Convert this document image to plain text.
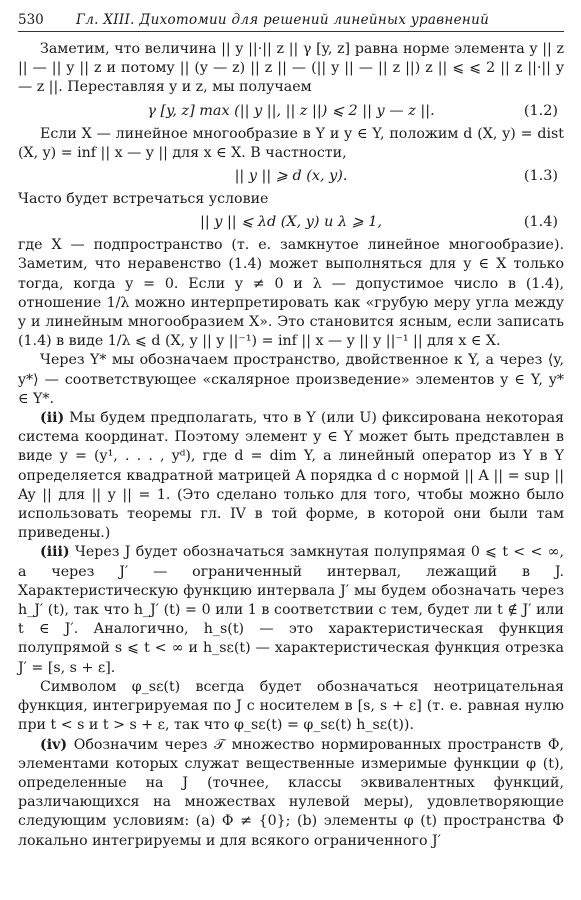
530 Гл. XIII. Дихотомии для решений линейных уравнений

Заметим, что величина || y ||·|| z || γ [y, z] равна норме элемента y || z || — || y || z и потому || (y — z) || z || — (|| y || — || z ||) z || ⩽ ⩽ 2 || z ||·|| y — z ||. Переставляя y и z, мы получаем

γ [y, z] max (|| y ||, || z ||) ⩽ 2 || y — z ||.	(1.2)

Если X — линейное многообразие в Y и y ∈ Y, положим d (X, y) = dist (X, y) = inf || x — y || для x ∈ X. В частности,

|| y || ⩾ d (x, y).	(1.3)

Часто будет встречаться условие

|| y || ⩽ λd (X, y) и λ ⩾ 1,	(1.4)

где X — подпространство (т. е. замкнутое линейное многообразие). Заметим, что неравенство (1.4) может выполняться для y ∈ X только тогда, когда y = 0. Если y ≠ 0 и λ — допустимое число в (1.4), отношение 1/λ можно интерпретировать как «грубую меру угла между y и линейным многообразием X». Это становится ясным, если записать (1.4) в виде 1/λ ⩽ d (X, y || y ||⁻¹) = inf || x — y || y ||⁻¹ || для x ∈ X.

Через Y* мы обозначаем пространство, двойственное к Y, а через ⟨y, y*⟩ — соответствующее «скалярное произведение» элементов y ∈ Y, y* ∈ Y*.

(ii) Мы будем предполагать, что в Y (или U) фиксирована некоторая система координат. Поэтому элемент y ∈ Y может быть представлен в виде y = (y¹, . . . , yᵈ), где d = dim Y, а линейный оператор из Y в Y определяется квадратной матрицей A порядка d с нормой || A || = sup || Ay || для || y || = 1. (Это сделано только для того, чтобы можно было использовать теоремы гл. IV в той форме, в которой они были там приведены.)

(iii) Через J будет обозначаться замкнутая полупрямая 0 ⩽ t < < ∞, а через J′ — ограниченный интервал, лежащий в J. Характеристическую функцию интервала J′ мы будем обозначать через h_J′ (t), так что h_J′ (t) = 0 или 1 в соответствии с тем, будет ли t ∉ J′ или t ∈ J′. Аналогично, h_s(t) — это характеристическая функция полупрямой s ⩽ t < ∞ и h_sε(t) — характеристическая функция отрезка J′ = [s, s + ε].

Символом φ_sε(t) всегда будет обозначаться неотрицательная функция, интегрируемая по J с носителем в [s, s + ε] (т. е. равная нулю при t < s и t > s + ε, так что φ_sε(t) = φ_sε(t) h_sε(t)).

(iv) Обозначим через 𝒯 множество нормированных пространств Φ, элементами которых служат вещественные измеримые функции φ (t), определенные на J (точнее, классы эквивалентных функций, различающихся на множествах нулевой меры), удовлетворяющие следующим условиям: (a) Φ ≠ {0}; (b) элементы φ (t) пространства Φ локально интегрируемы и для всякого ограниченного J′
